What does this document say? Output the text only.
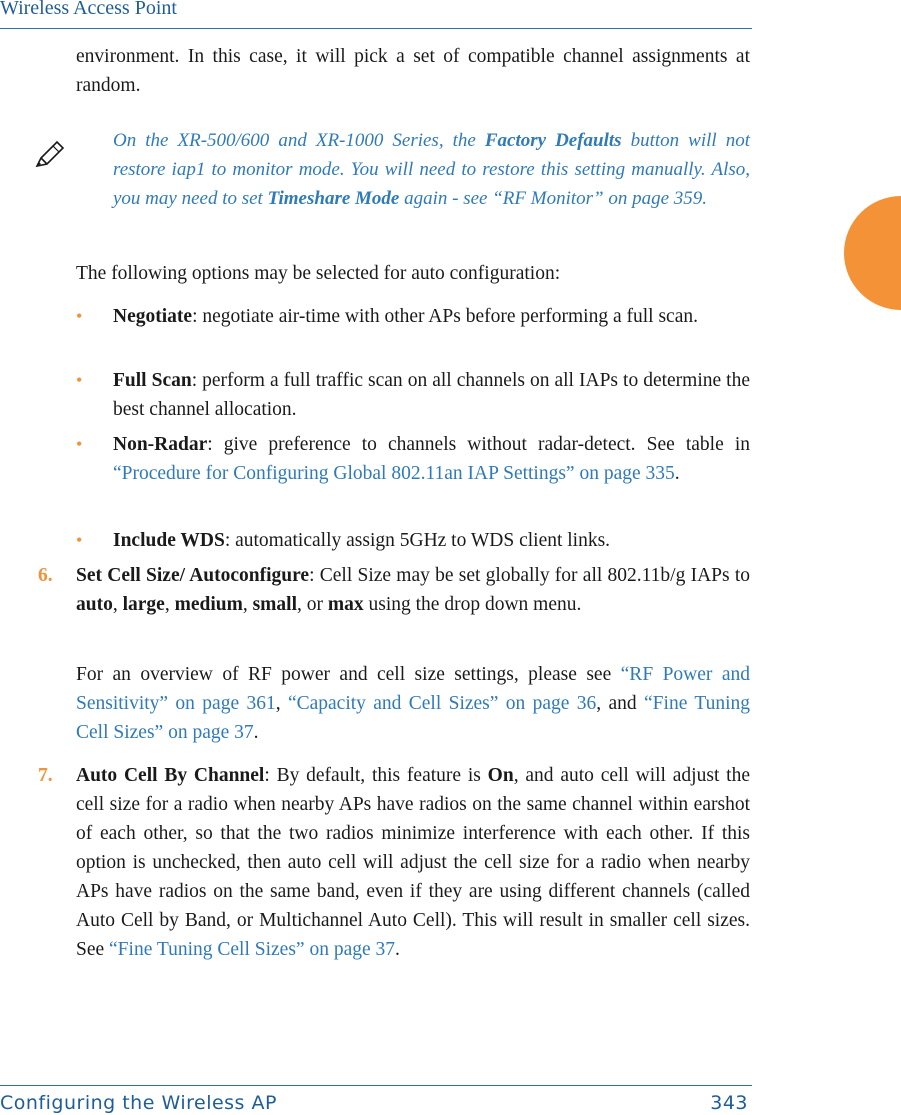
Wireless Access Point

environment. In this case, it will pick a set of compatible channel assignments at random.

On the XR-500/600 and XR-1000 Series, the Factory Defaults button will not restore iap1 to monitor mode. You will need to restore this setting manually. Also, you may need to set Timeshare Mode again - see “RF Monitor” on page 359.

The following options may be selected for auto configuration:

•	Negotiate: negotiate air-time with other APs before performing a full scan.

•	Full Scan: perform a full traffic scan on all channels on all IAPs to determine the best channel allocation.

•	Non-Radar: give preference to channels without radar-detect. See table in “Procedure for Configuring Global 802.11an IAP Settings” on page 335.

•	Include WDS: automatically assign 5GHz to WDS client links.

6. Set Cell Size/ Autoconfigure: Cell Size may be set globally for all 802.11b/g IAPs to auto, large, medium, small, or max using the drop down menu.

For an overview of RF power and cell size settings, please see “RF Power and Sensitivity” on page 361, “Capacity and Cell Sizes” on page 36, and “Fine Tuning Cell Sizes” on page 37.

7. Auto Cell By Channel: By default, this feature is On, and auto cell will adjust the cell size for a radio when nearby APs have radios on the same channel within earshot of each other, so that the two radios minimize interference with each other. If this option is unchecked, then auto cell will adjust the cell size for a radio when nearby APs have radios on the same band, even if they are using different channels (called Auto Cell by Band, or Multichannel Auto Cell). This will result in smaller cell sizes. See “Fine Tuning Cell Sizes” on page 37.

Configuring the Wireless AP	343
